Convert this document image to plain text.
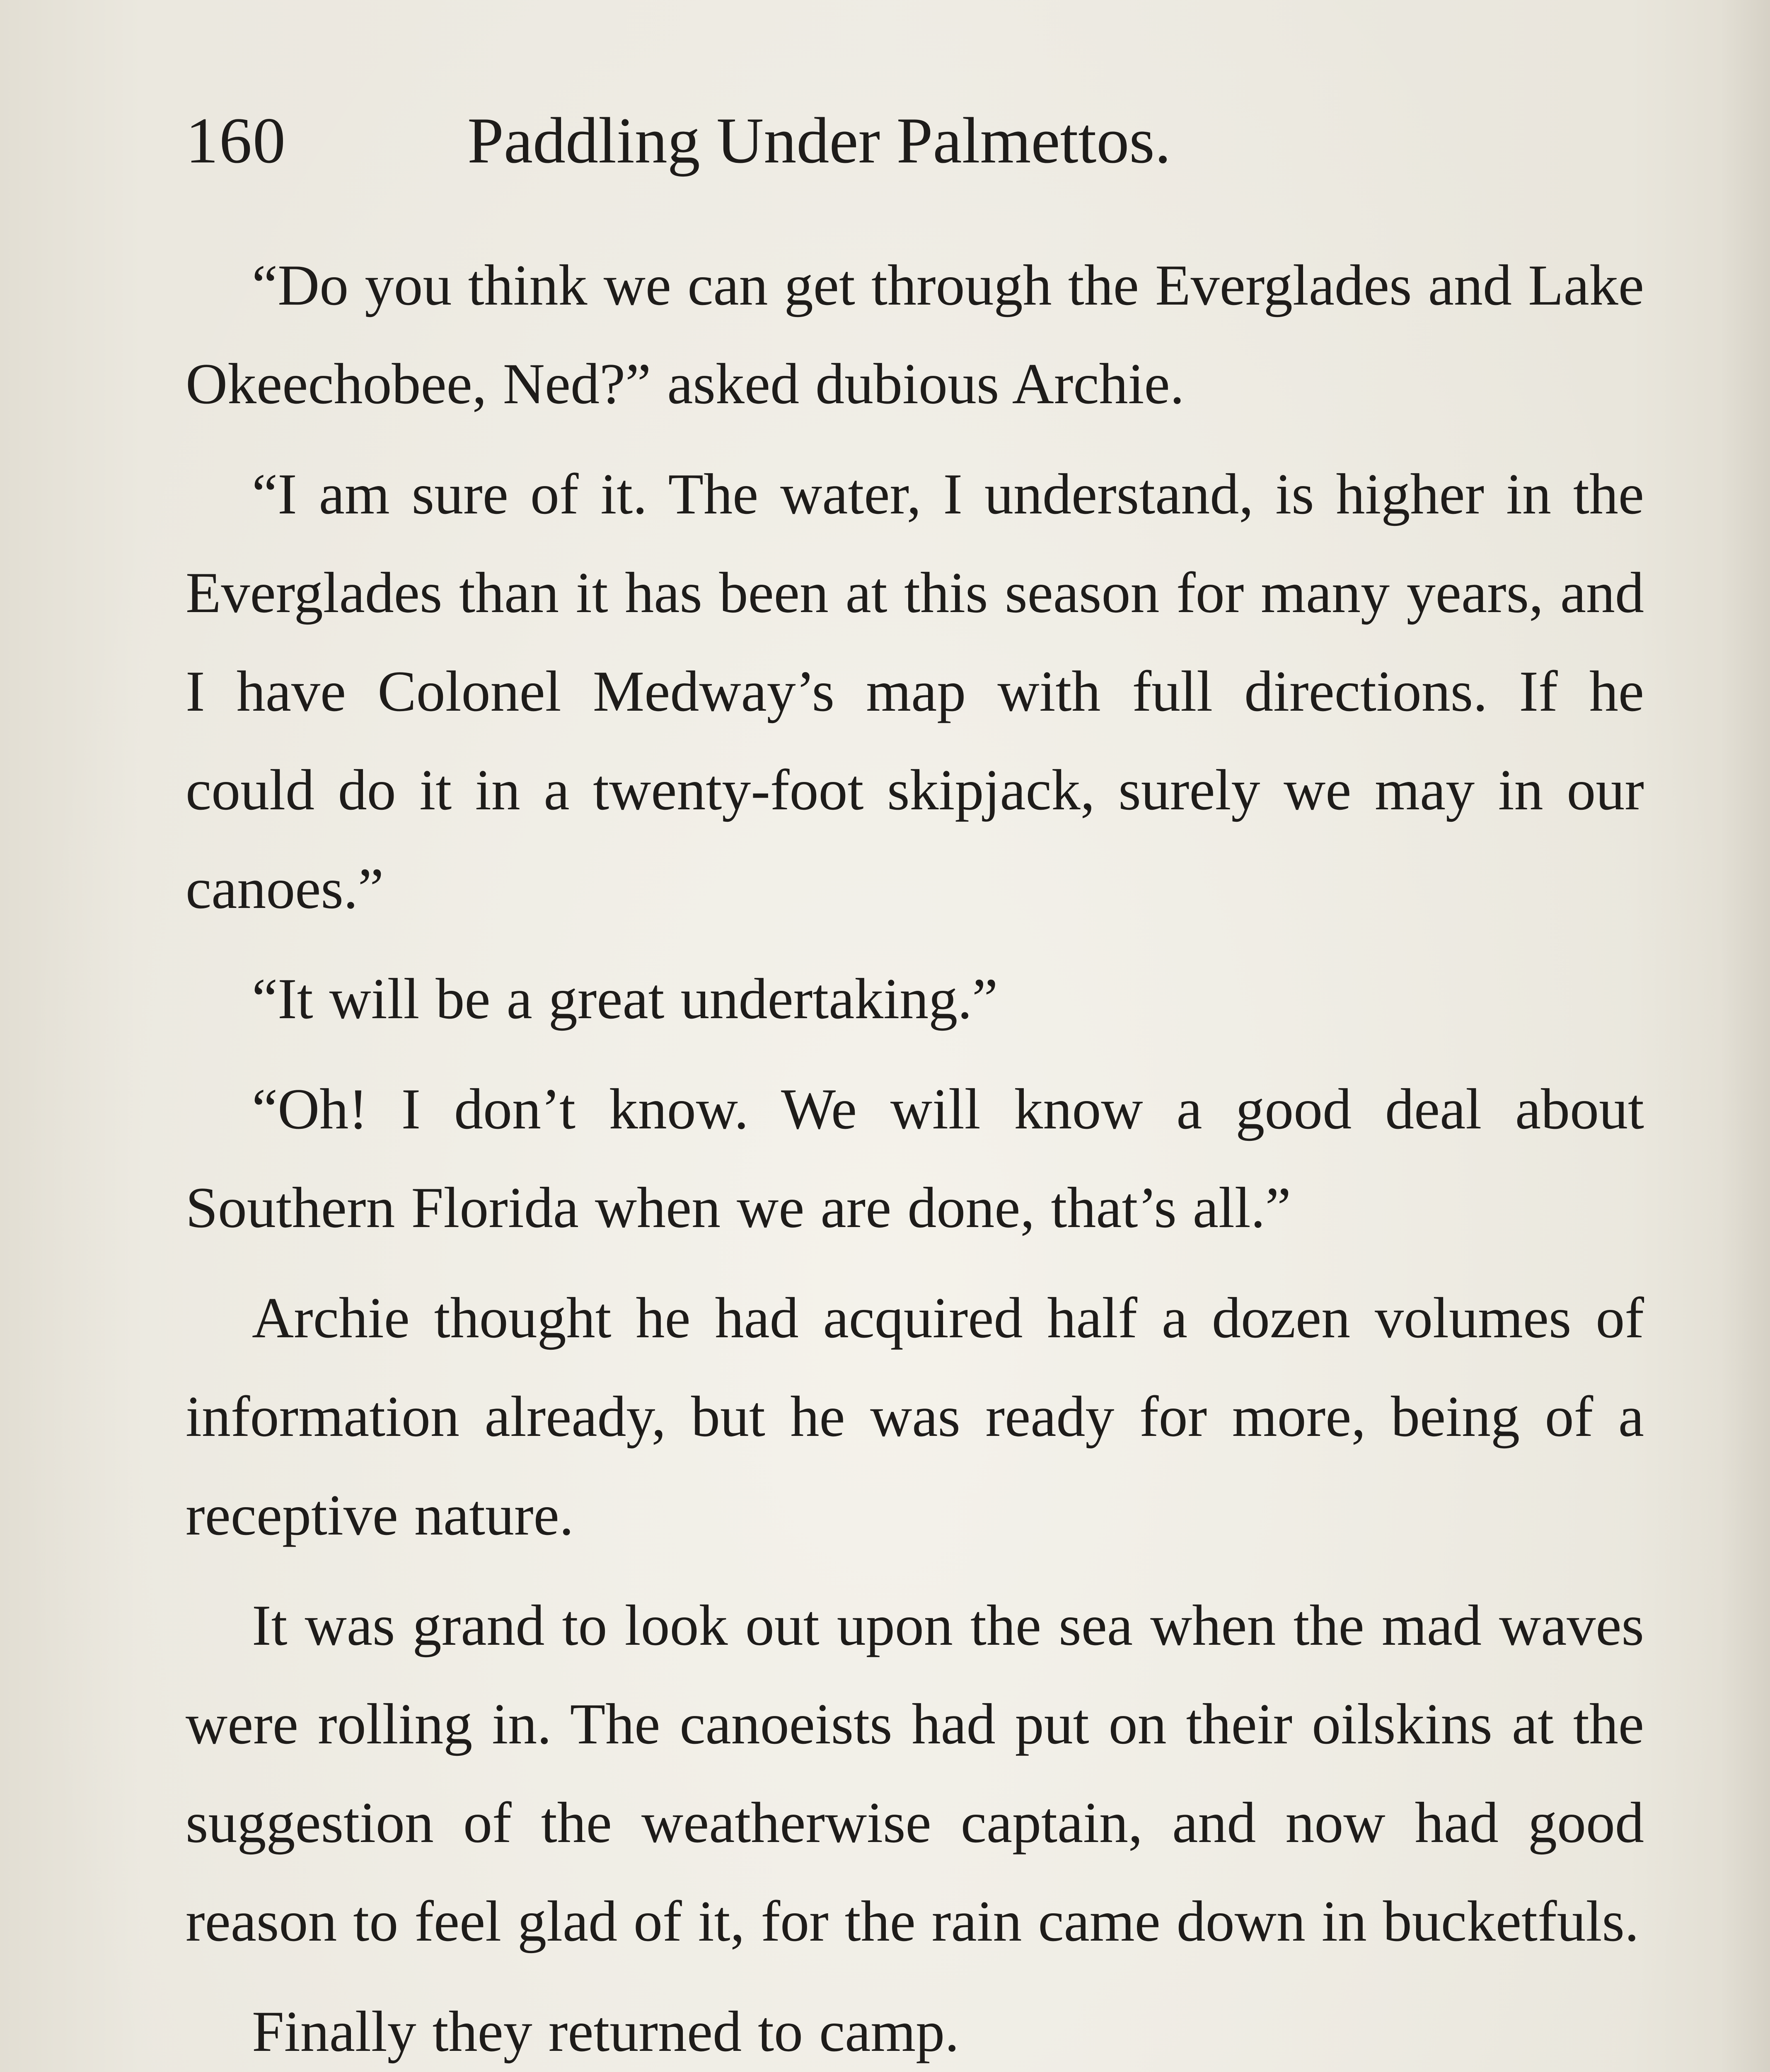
160	Paddling Under Palmettos.

“Do you think we can get through the Everglades and Lake Okeechobee, Ned?” asked dubious Archie.

“I am sure of it. The water, I understand, is higher in the Everglades than it has been at this season for many years, and I have Colonel Medway’s map with full directions. If he could do it in a twenty-foot skipjack, surely we may in our canoes.”

“It will be a great undertaking.”

“Oh! I don’t know. We will know a good deal about Southern Florida when we are done, that’s all.”

Archie thought he had acquired half a dozen volumes of information already, but he was ready for more, being of a receptive nature.

It was grand to look out upon the sea when the mad waves were rolling in. The canoeists had put on their oilskins at the suggestion of the weatherwise captain, and now had good reason to feel glad of it, for the rain came down in bucketfuls.

Finally they returned to camp.
